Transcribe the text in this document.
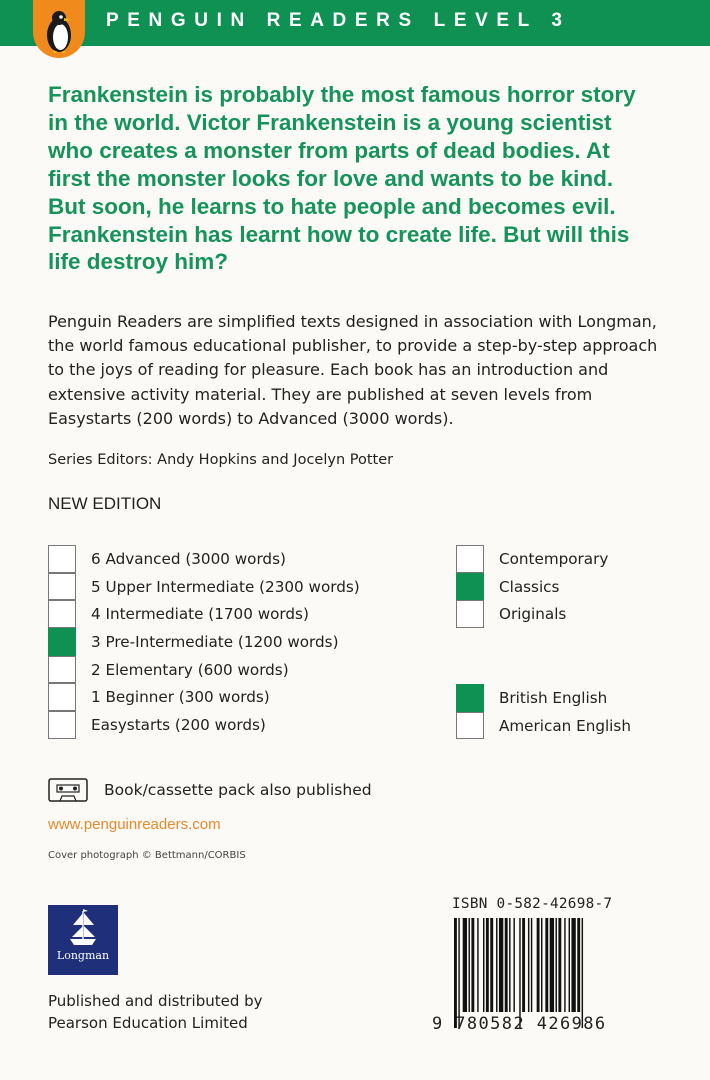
PENGUIN READERS LEVEL 3
Frankenstein is probably the most famous horror story in the world. Victor Frankenstein is a young scientist who creates a monster from parts of dead bodies. At first the monster looks for love and wants to be kind. But soon, he learns to hate people and becomes evil. Frankenstein has learnt how to create life. But will this life destroy him?
Penguin Readers are simplified texts designed in association with Longman, the world famous educational publisher, to provide a step-by-step approach to the joys of reading for pleasure. Each book has an introduction and extensive activity material. They are published at seven levels from Easystarts (200 words) to Advanced (3000 words).
Series Editors: Andy Hopkins and Jocelyn Potter
NEW EDITION
6 Advanced (3000 words)
5 Upper Intermediate (2300 words)
4 Intermediate (1700 words)
3 Pre-Intermediate (1200 words)
2 Elementary (600 words)
1 Beginner (300 words)
Easystarts (200 words)
Contemporary
Classics
Originals
British English
American English
Book/cassette pack also published
www.penguinreaders.com
Cover photograph © Bettmann/CORBIS
Longman
Published and distributed by
Pearson Education Limited
ISBN 0-582-42698-7
9 780582 426986
